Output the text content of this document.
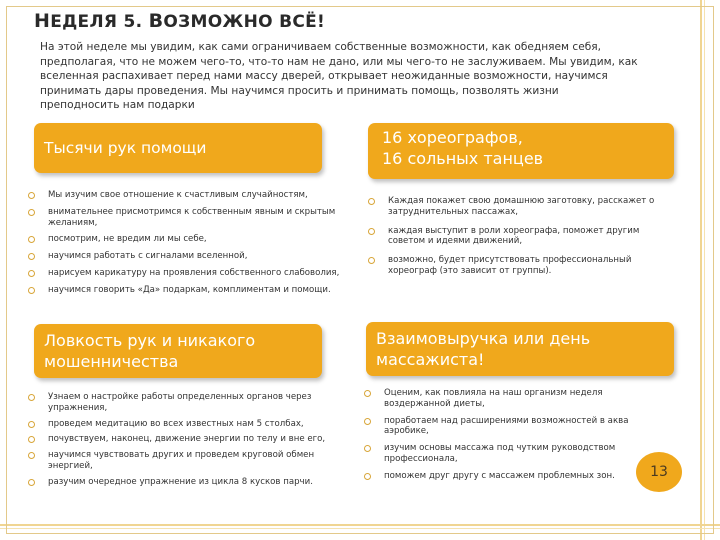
НЕДЕЛЯ 5. ВОЗМОЖНО ВСЁ!
На этой неделе мы увидим, как сами ограничиваем собственные возможности, как обедняем себя, предполагая, что не можем чего-то, что-то нам не дано, или мы чего-то не заслуживаем. Мы увидим, как вселенная распахивает перед нами массу дверей, открывает неожиданные возможности, научимся принимать дары проведения. Мы научимся просить и принимать помощь, позволять жизни преподносить нам подарки
Тысячи рук помощи
Мы изучим свое отношение к счастливым случайностям,
внимательнее присмотримся к собственным явным и скрытым желаниям,
посмотрим, не вредим ли мы себе,
научимся работать с сигналами вселенной,
нарисуем карикатуру на проявления собственного слабоволия,
научимся говорить «Да» подаркам, комплиментам и помощи.
16 хореографов,
16 сольных танцев
Каждая покажет свою домашнюю заготовку, расскажет о затруднительных пассажах,
каждая выступит в роли хореографа, поможет другим советом и идеями движений,
возможно, будет присутствовать профессиональный хореограф (это зависит от группы).
Ловкость рук и никакого
мошенничества
Узнаем о настройке работы определенных органов через упражнения,
проведем медитацию во всех известных нам 5 столбах,
почувствуем, наконец, движение энергии по телу и вне его,
научимся чувствовать других и проведем круговой обмен энергией,
разучим очередное упражнение из цикла 8 кусков парчи.
Взаимовыручка или день
массажиста!
Оценим, как повлияла на наш организм неделя воздержанной диеты,
поработаем над расширениями возможностей в аква аэробике,
изучим основы массажа под чутким руководством профессионала,
поможем друг другу с массажем проблемных зон.	13
